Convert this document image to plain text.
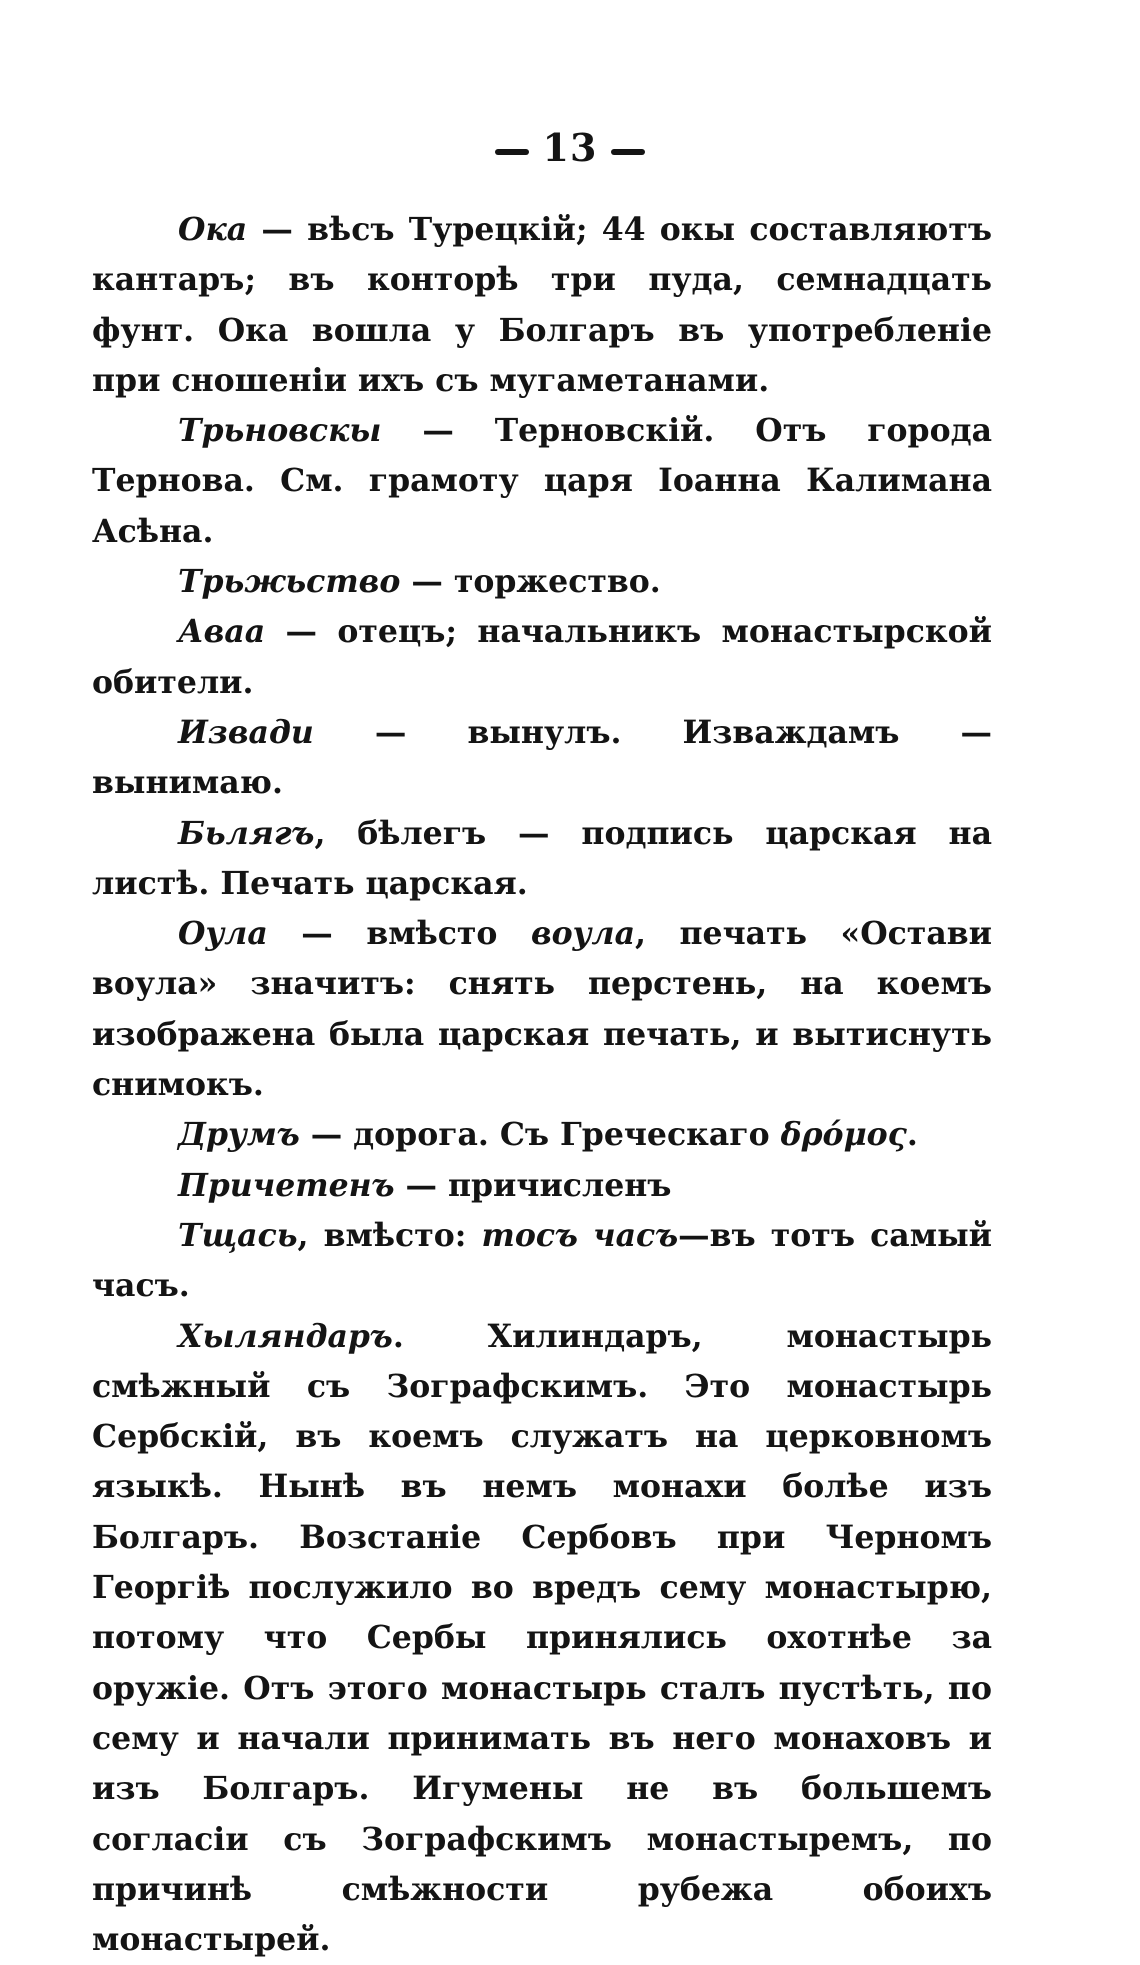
13

Ока — вѣсъ Турецкій; 44 окы составляютъ кантаръ; въ конторѣ три пуда, семнадцать фунт. Ока вошла у Болгаръ въ употребленіе при сношеніи ихъ съ мугаметанами.

Трьновскы — Терновскій. Отъ города Тернова. См. грамоту царя Іоанна Калимана Асѣна.

Трьжьство — торжество.

Аваа — отецъ; начальникъ монастырской обители.

Извади — вынулъ. Изваждамъ — вынимаю.

Бьлягъ, бѣлегъ — подпись царская на листѣ. Печать царская.

Оула — вмѣсто воула, печать «Остави воула» значитъ: снять перстень, на коемъ изображена была царская печать, и вытиснуть снимокъ.

Друмъ — дорога. Съ Греческаго δρόμος.

Причетенъ — причисленъ

Тщась, вмѣсто: тосъ часъ—въ тотъ самый часъ.

Хыляндаръ. Хилиндаръ, монастырь смѣжный съ Зографскимъ. Это монастырь Сербскій, въ коемъ служатъ на церковномъ языкѣ. Нынѣ въ немъ монахи болѣе изъ Болгаръ. Возстаніе Сербовъ при Черномъ Георгіѣ послужило во вредъ сему монастырю, потому что Сербы принялись охотнѣе за оружіе. Отъ этого монастырь сталъ пустѣть, по сему и начали принимать въ него монаховъ и изъ Болгаръ. Игумены не въ большемъ согласіи съ Зографскимъ монастыремъ, по причинѣ смѣжности рубежа обоихъ монастырей.
